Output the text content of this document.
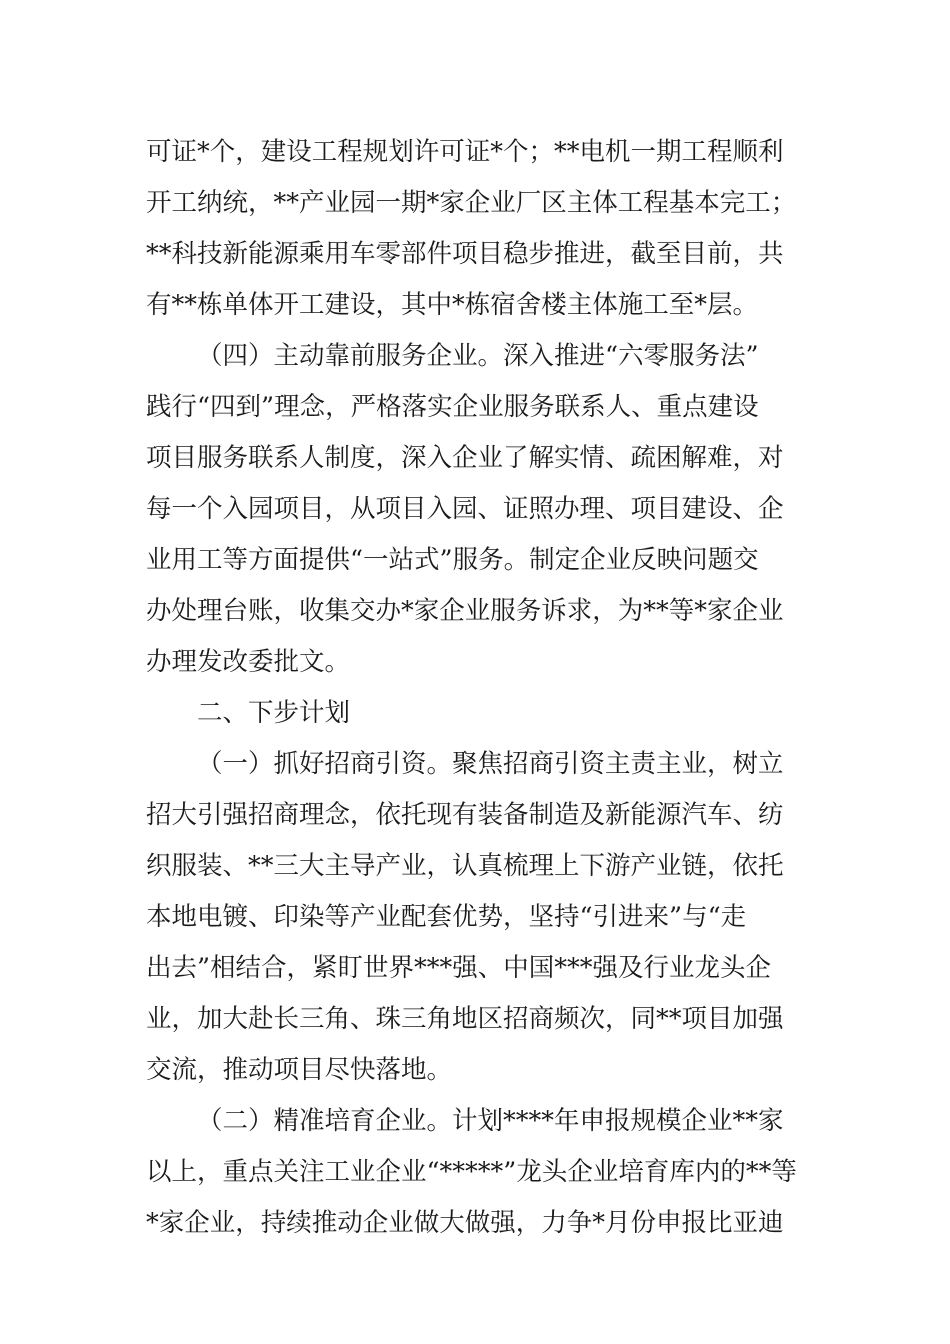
可证*个，建设工程规划许可证*个；**电机一期工程顺利
开工纳统，**产业园一期*家企业厂区主体工程基本完工；
**科技新能源乘用车零部件项目稳步推进，截至目前，共
有**栋单体开工建设，其中*栋宿舍楼主体施工至*层。
（四）主动靠前服务企业。深入推进“六零服务法”
践行“四到”理念，严格落实企业服务联系人、重点建设
项目服务联系人制度，深入企业了解实情、疏困解难，对
每一个入园项目，从项目入园、证照办理、项目建设、企
业用工等方面提供“一站式”服务。制定企业反映问题交
办处理台账，收集交办*家企业服务诉求，为**等*家企业
办理发改委批文。
二、下步计划
（一）抓好招商引资。聚焦招商引资主责主业，树立
招大引强招商理念，依托现有装备制造及新能源汽车、纺
织服装、**三大主导产业，认真梳理上下游产业链，依托
本地电镀、印染等产业配套优势，坚持“引进来”与“走
出去”相结合，紧盯世界***强、中国***强及行业龙头企
业，加大赴长三角、珠三角地区招商频次，同**项目加强
交流，推动项目尽快落地。
（二）精准培育企业。计划****年申报规模企业**家
以上，重点关注工业企业“*****”龙头企业培育库内的**等
*家企业，持续推动企业做大做强，力争*月份申报比亚迪
